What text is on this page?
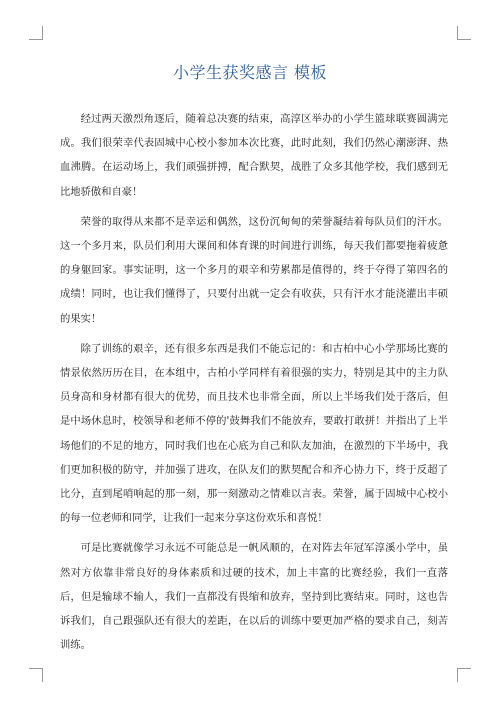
小学生获奖感言 模板

经过两天激烈角逐后，随着总决赛的结束，高淳区举办的小学生篮球联赛圆满完成。我们很荣幸代表固城中心校小参加本次比赛，此时此刻，我们仍然心潮澎湃、热血沸腾。在运动场上，我们顽强拼搏，配合默契，战胜了众多其他学校，我们感到无比地骄傲和自豪！

荣誉的取得从来都不是幸运和偶然，这份沉甸甸的荣誉凝结着每队员们的汗水。这一个多月来，队员们利用大课间和体育课的时间进行训练，每天我们都要拖着疲惫的身躯回家。事实证明，这一个多月的艰辛和劳累都是值得的，终于夺得了第四名的成绩！同时，也让我们懂得了，只要付出就一定会有收获，只有汗水才能浇灌出丰硕的果实！

除了训练的艰辛，还有很多东西是我们不能忘记的：和古柏中心小学那场比赛的情景依然历历在目，在本组中，古柏小学同样有着很强的实力，特别是其中的主力队员身高和身材都有很大的优势，而且技术也非常全面，所以上半场我们处于落后，但是中场休息时，校领导和老师不停的'鼓舞我们不能放弃，要敢打敢拼！并指出了上半场他们的不足的地方，同时我们也在心底为自己和队友加油，在激烈的下半场中，我们更加积极的防守，并加强了进攻，在队友们的默契配合和齐心协力下，终于反超了比分，直到尾哨响起的那一刻，那一刻激动之情难以言表。荣誉，属于固城中心校小的每一位老师和同学，让我们一起来分享这份欢乐和喜悦！

可是比赛就像学习永远不可能总是一帆风顺的，在对阵去年冠军淳溪小学中，虽然对方依靠非常良好的身体素质和过硬的技术，加上丰富的比赛经验，我们一直落后，但是输球不输人，我们一直都没有畏缩和放弃，坚持到比赛结束。同时，这也告诉我们，自己跟强队还有很大的差距，在以后的训练中要更加严格的要求自己，刻苦训练。
